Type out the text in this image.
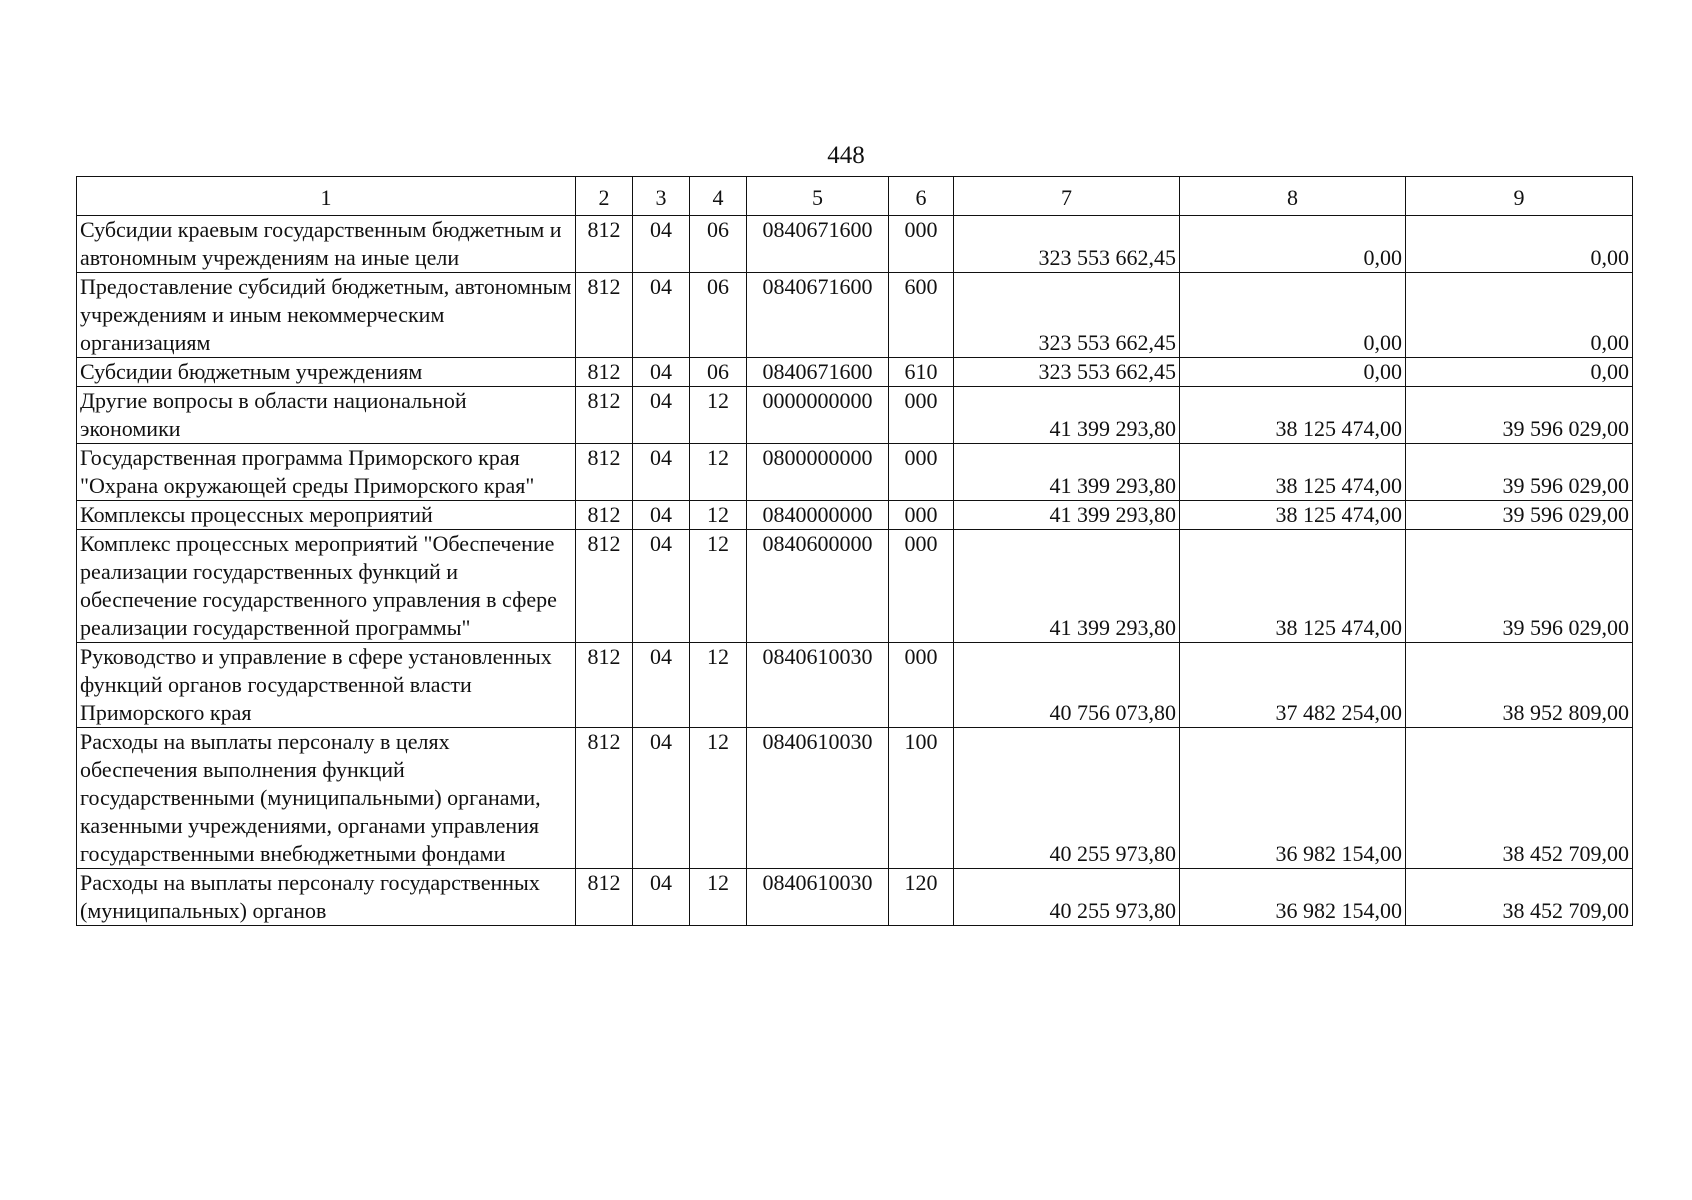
448
1	2	3	4	5	6	7	8	9
Субсидии краевым государственным бюджетным и автономным учреждениям на иные цели	812	04	06	0840671600	000	323 553 662,45	0,00	0,00
Предоставление субсидий бюджетным, автономным учреждениям и иным некоммерческим организациям	812	04	06	0840671600	600	323 553 662,45	0,00	0,00
Субсидии бюджетным учреждениям	812	04	06	0840671600	610	323 553 662,45	0,00	0,00
Другие вопросы в области национальной экономики	812	04	12	0000000000	000	41 399 293,80	38 125 474,00	39 596 029,00
Государственная программа Приморского края "Охрана окружающей среды Приморского края"	812	04	12	0800000000	000	41 399 293,80	38 125 474,00	39 596 029,00
Комплексы процессных мероприятий	812	04	12	0840000000	000	41 399 293,80	38 125 474,00	39 596 029,00
Комплекс процессных мероприятий "Обеспечение реализации государственных функций и обеспечение государственного управления в сфере реализации государственной программы"	812	04	12	0840600000	000	41 399 293,80	38 125 474,00	39 596 029,00
Руководство и управление в сфере установленных функций органов государственной власти Приморского края	812	04	12	0840610030	000	40 756 073,80	37 482 254,00	38 952 809,00
Расходы на выплаты персоналу в целях обеспечения выполнения функций государственными (муниципальными) органами, казенными учреждениями, органами управления государственными внебюджетными фондами	812	04	12	0840610030	100	40 255 973,80	36 982 154,00	38 452 709,00
Расходы на выплаты персоналу государственных (муниципальных) органов	812	04	12	0840610030	120	40 255 973,80	36 982 154,00	38 452 709,00
